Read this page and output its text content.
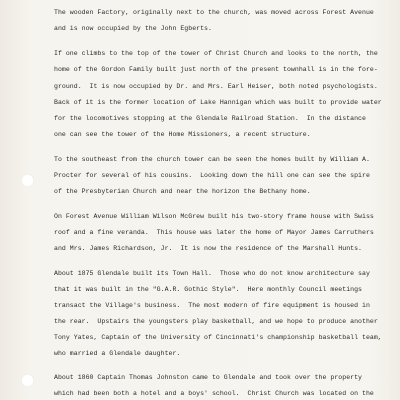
The wooden Factory, originally next to the church, was moved across Forest Avenue
and is now occupied by the John Egberts.
If one climbs to the top of the tower of Christ Church and looks to the north, the
home of the Gordon Family built just north of the present townhall is in the fore-
ground.  It is now occupied by Dr. and Mrs. Earl Heiser, both noted psychologists.
Back of it is the former location of Lake Hannigan which was built to provide water
for the locomotives stopping at the Glendale Railroad Station.  In the distance
one can see the tower of the Home Missioners, a recent structure.
To the southeast from the church tower can be seen the homes built by William A.
Procter for several of his cousins.  Looking down the hill one can see the spire
of the Presbyterian Church and near the horizon the Bethany home.
On Forest Avenue William Wilson McGrew built his two-story frame house with Swiss
roof and a fine veranda.  This house was later the home of Mayor James Carruthers
and Mrs. James Richardson, Jr.  It is now the residence of the Marshall Hunts.
About 1875 Glendale built its Town Hall.  Those who do not know architecture say
that it was built in the "G.A.R. Gothic Style".  Here monthly Council meetings
transact the Village's business.  The most modern of fire equipment is housed in
the rear.  Upstairs the youngsters play basketball, and we hope to produce another
Tony Yates, Captain of the University of Cincinnati's championship basketball team,
who married a Glendale daughter.
About 1860 Captain Thomas Johnston came to Glendale and took over the property
which had been both a hotel and a boys' school.  Christ Church was located on the
